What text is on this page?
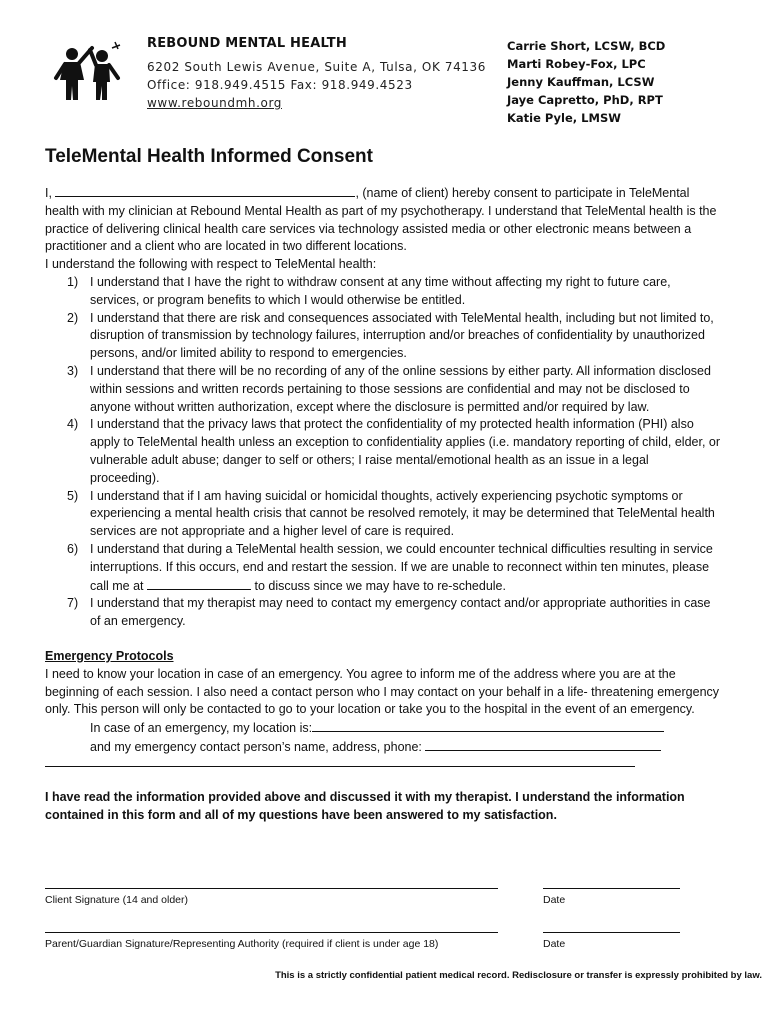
REBOUND MENTAL HEALTH
6202 South Lewis Avenue, Suite A, Tulsa, OK 74136
Office: 918.949.4515 Fax: 918.949.4523
www.reboundmh.org
Carrie Short, LCSW, BCD
Marti Robey-Fox, LPC
Jenny Kauffman, LCSW
Jaye Capretto, PhD, RPT
Katie Pyle, LMSW
TeleMental Health Informed Consent

I,	, (name of client) hereby consent to participate in TeleMental health with my clinician at Rebound Mental Health as part of my psychotherapy. I understand that TeleMental health is the practice of delivering clinical health care services via technology assisted media or other electronic means between a practitioner and a client who are located in two different locations.

I understand the following with respect to TeleMental health:

1) I understand that I have the right to withdraw consent at any time without affecting my right to future care, services, or program benefits to which I would otherwise be entitled.
2) I understand that there are risk and consequences associated with TeleMental health, including but not limited to, disruption of transmission by technology failures, interruption and/or breaches of confidentiality by unauthorized persons, and/or limited ability to respond to emergencies.
3) I understand that there will be no recording of any of the online sessions by either party. All information disclosed within sessions and written records pertaining to those sessions are confidential and may not be disclosed to anyone without written authorization, except where the disclosure is permitted and/or required by law.
4) I understand that the privacy laws that protect the confidentiality of my protected health information (PHI) also apply to TeleMental health unless an exception to confidentiality applies (i.e. mandatory reporting of child, elder, or vulnerable adult abuse; danger to self or others; I raise mental/emotional health as an issue in a legal proceeding).
5) I understand that if I am having suicidal or homicidal thoughts, actively experiencing psychotic symptoms or experiencing a mental health crisis that cannot be resolved remotely, it may be determined that TeleMental health services are not appropriate and a higher level of care is required.
6) I understand that during a TeleMental health session, we could encounter technical difficulties resulting in service interruptions. If this occurs, end and restart the session. If we are unable to reconnect within ten minutes, please call me at	to discuss since we may have to re-schedule.
7) I understand that my therapist may need to contact my emergency contact and/or appropriate authorities in case of an emergency.

Emergency Protocols

I need to know your location in case of an emergency. You agree to inform me of the address where you are at the beginning of each session. I also need a contact person who I may contact on your behalf in a life- threatening emergency only. This person will only be contacted to go to your location or take you to the hospital in the event of an emergency.

In case of an emergency, my location is:

and my emergency contact person’s name, address, phone:

I have read the information provided above and discussed it with my therapist. I understand the information contained in this form and all of my questions have been answered to my satisfaction.

Client Signature (14 and older)	Date
Parent/Guardian Signature/Representing Authority (required if client is under age 18)	Date
This is a strictly confidential patient medical record. Redisclosure or transfer is expressly prohibited by law.
